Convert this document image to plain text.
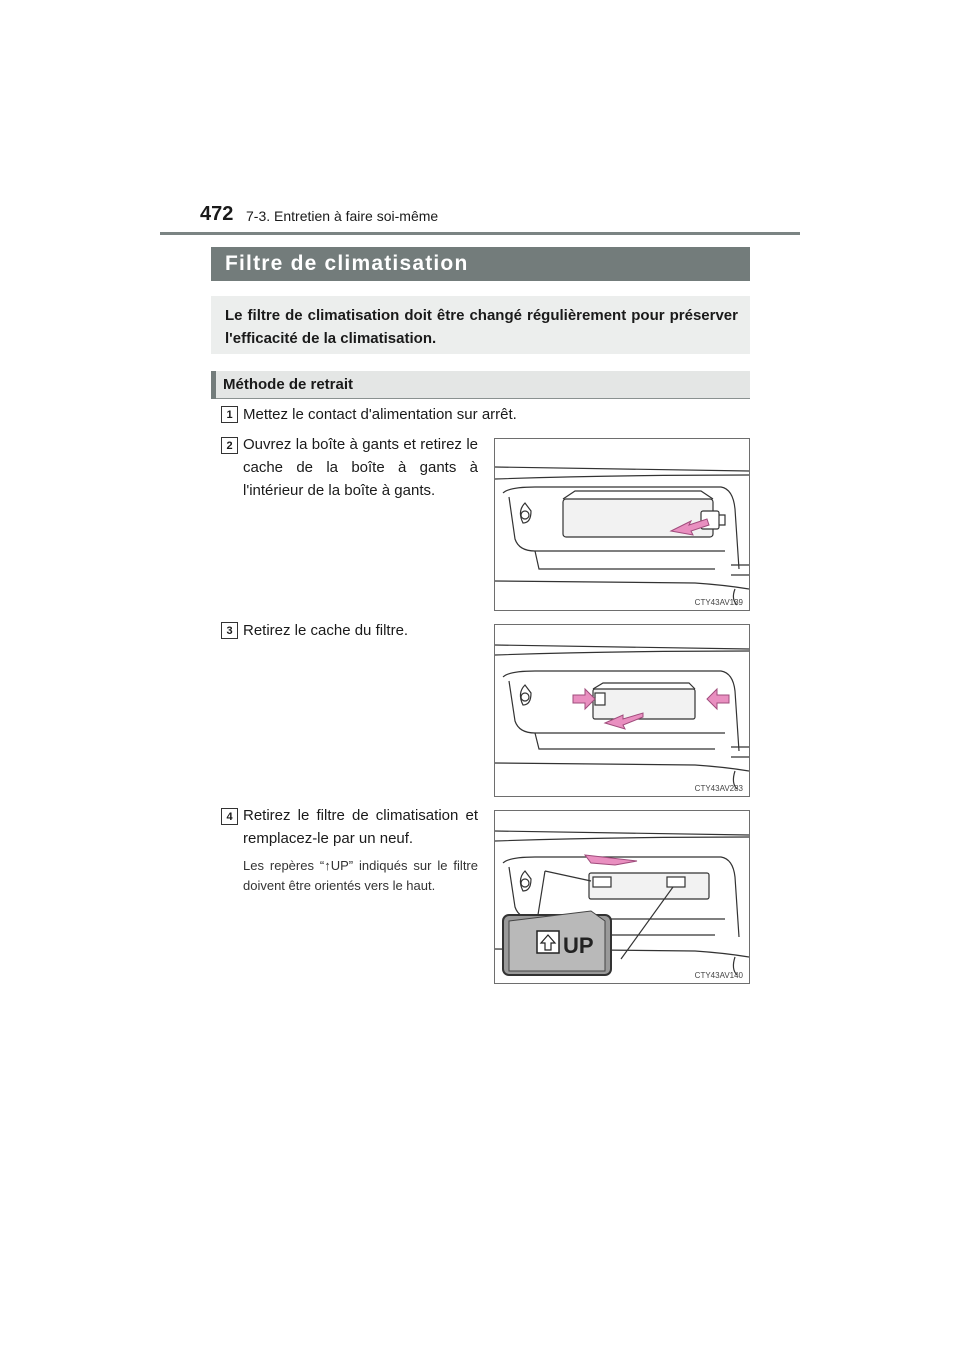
472 7-3. Entretien à faire soi-même
Filtre de climatisation

Le filtre de climatisation doit être changé régulièrement pour préserver l'efficacité de la climatisation.

Méthode de retrait
1 Mettez le contact d'alimentation sur arrêt.
2 Ouvrez la boîte à gants et retirez le cache de la boîte à gants à l'intérieur de la boîte à gants.
CTY43AV139
3 Retirez le cache du filtre.
CTY43AV283
4 Retirez le filtre de climatisation et remplacez-le par un neuf.
Les repères “↑UP” indiqués sur le filtre doivent être orientés vers le haut.
UP
CTY43AV140
